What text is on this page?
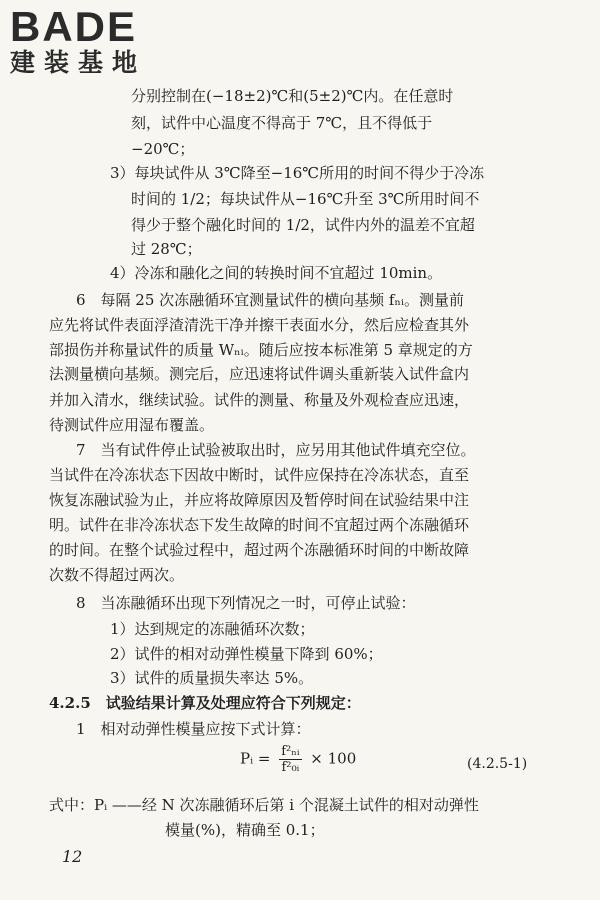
BADE
建装基地
分别控制在(−18±2)℃和(5±2)℃内。在任意时
刻，试件中心温度不得高于 7℃，且不得低于
−20℃；
3）每块试件从 3℃降至−16℃所用的时间不得少于冷冻
时间的 1/2；每块试件从−16℃升至 3℃所用时间不
得少于整个融化时间的 1/2，试件内外的温差不宜超
过 28℃；
4）冷冻和融化之间的转换时间不宜超过 10min。
6　每隔 25 次冻融循环宜测量试件的横向基频 fₙᵢ。测量前
应先将试件表面浮渣清洗干净并擦干表面水分，然后应检查其外
部损伤并称量试件的质量 Wₙᵢ。随后应按本标准第 5 章规定的方
法测量横向基频。测完后，应迅速将试件调头重新装入试件盒内
并加入清水，继续试验。试件的测量、称量及外观检查应迅速，
待测试件应用湿布覆盖。
7　当有试件停止试验被取出时，应另用其他试件填充空位。
当试件在冷冻状态下因故中断时，试件应保持在冷冻状态，直至
恢复冻融试验为止，并应将故障原因及暂停时间在试验结果中注
明。试件在非冷冻状态下发生故障的时间不宜超过两个冻融循环
的时间。在整个试验过程中，超过两个冻融循环时间的中断故障
次数不得超过两次。
8　当冻融循环出现下列情况之一时，可停止试验：
1）达到规定的冻融循环次数；
2）试件的相对动弹性模量下降到 60%；
3）试件的质量损失率达 5%。
4.2.5　试验结果计算及处理应符合下列规定：
1　相对动弹性模量应按下式计算：
Pᵢ = $\frac{\text{f²ₙᵢ}}{\text{f²₀ᵢ}} \times 100$	(4.2.5-1)
式中：Pᵢ ——经 N 次冻融循环后第 i 个混凝土试件的相对动弹性
模量(%)，精确至 0.1；
12
